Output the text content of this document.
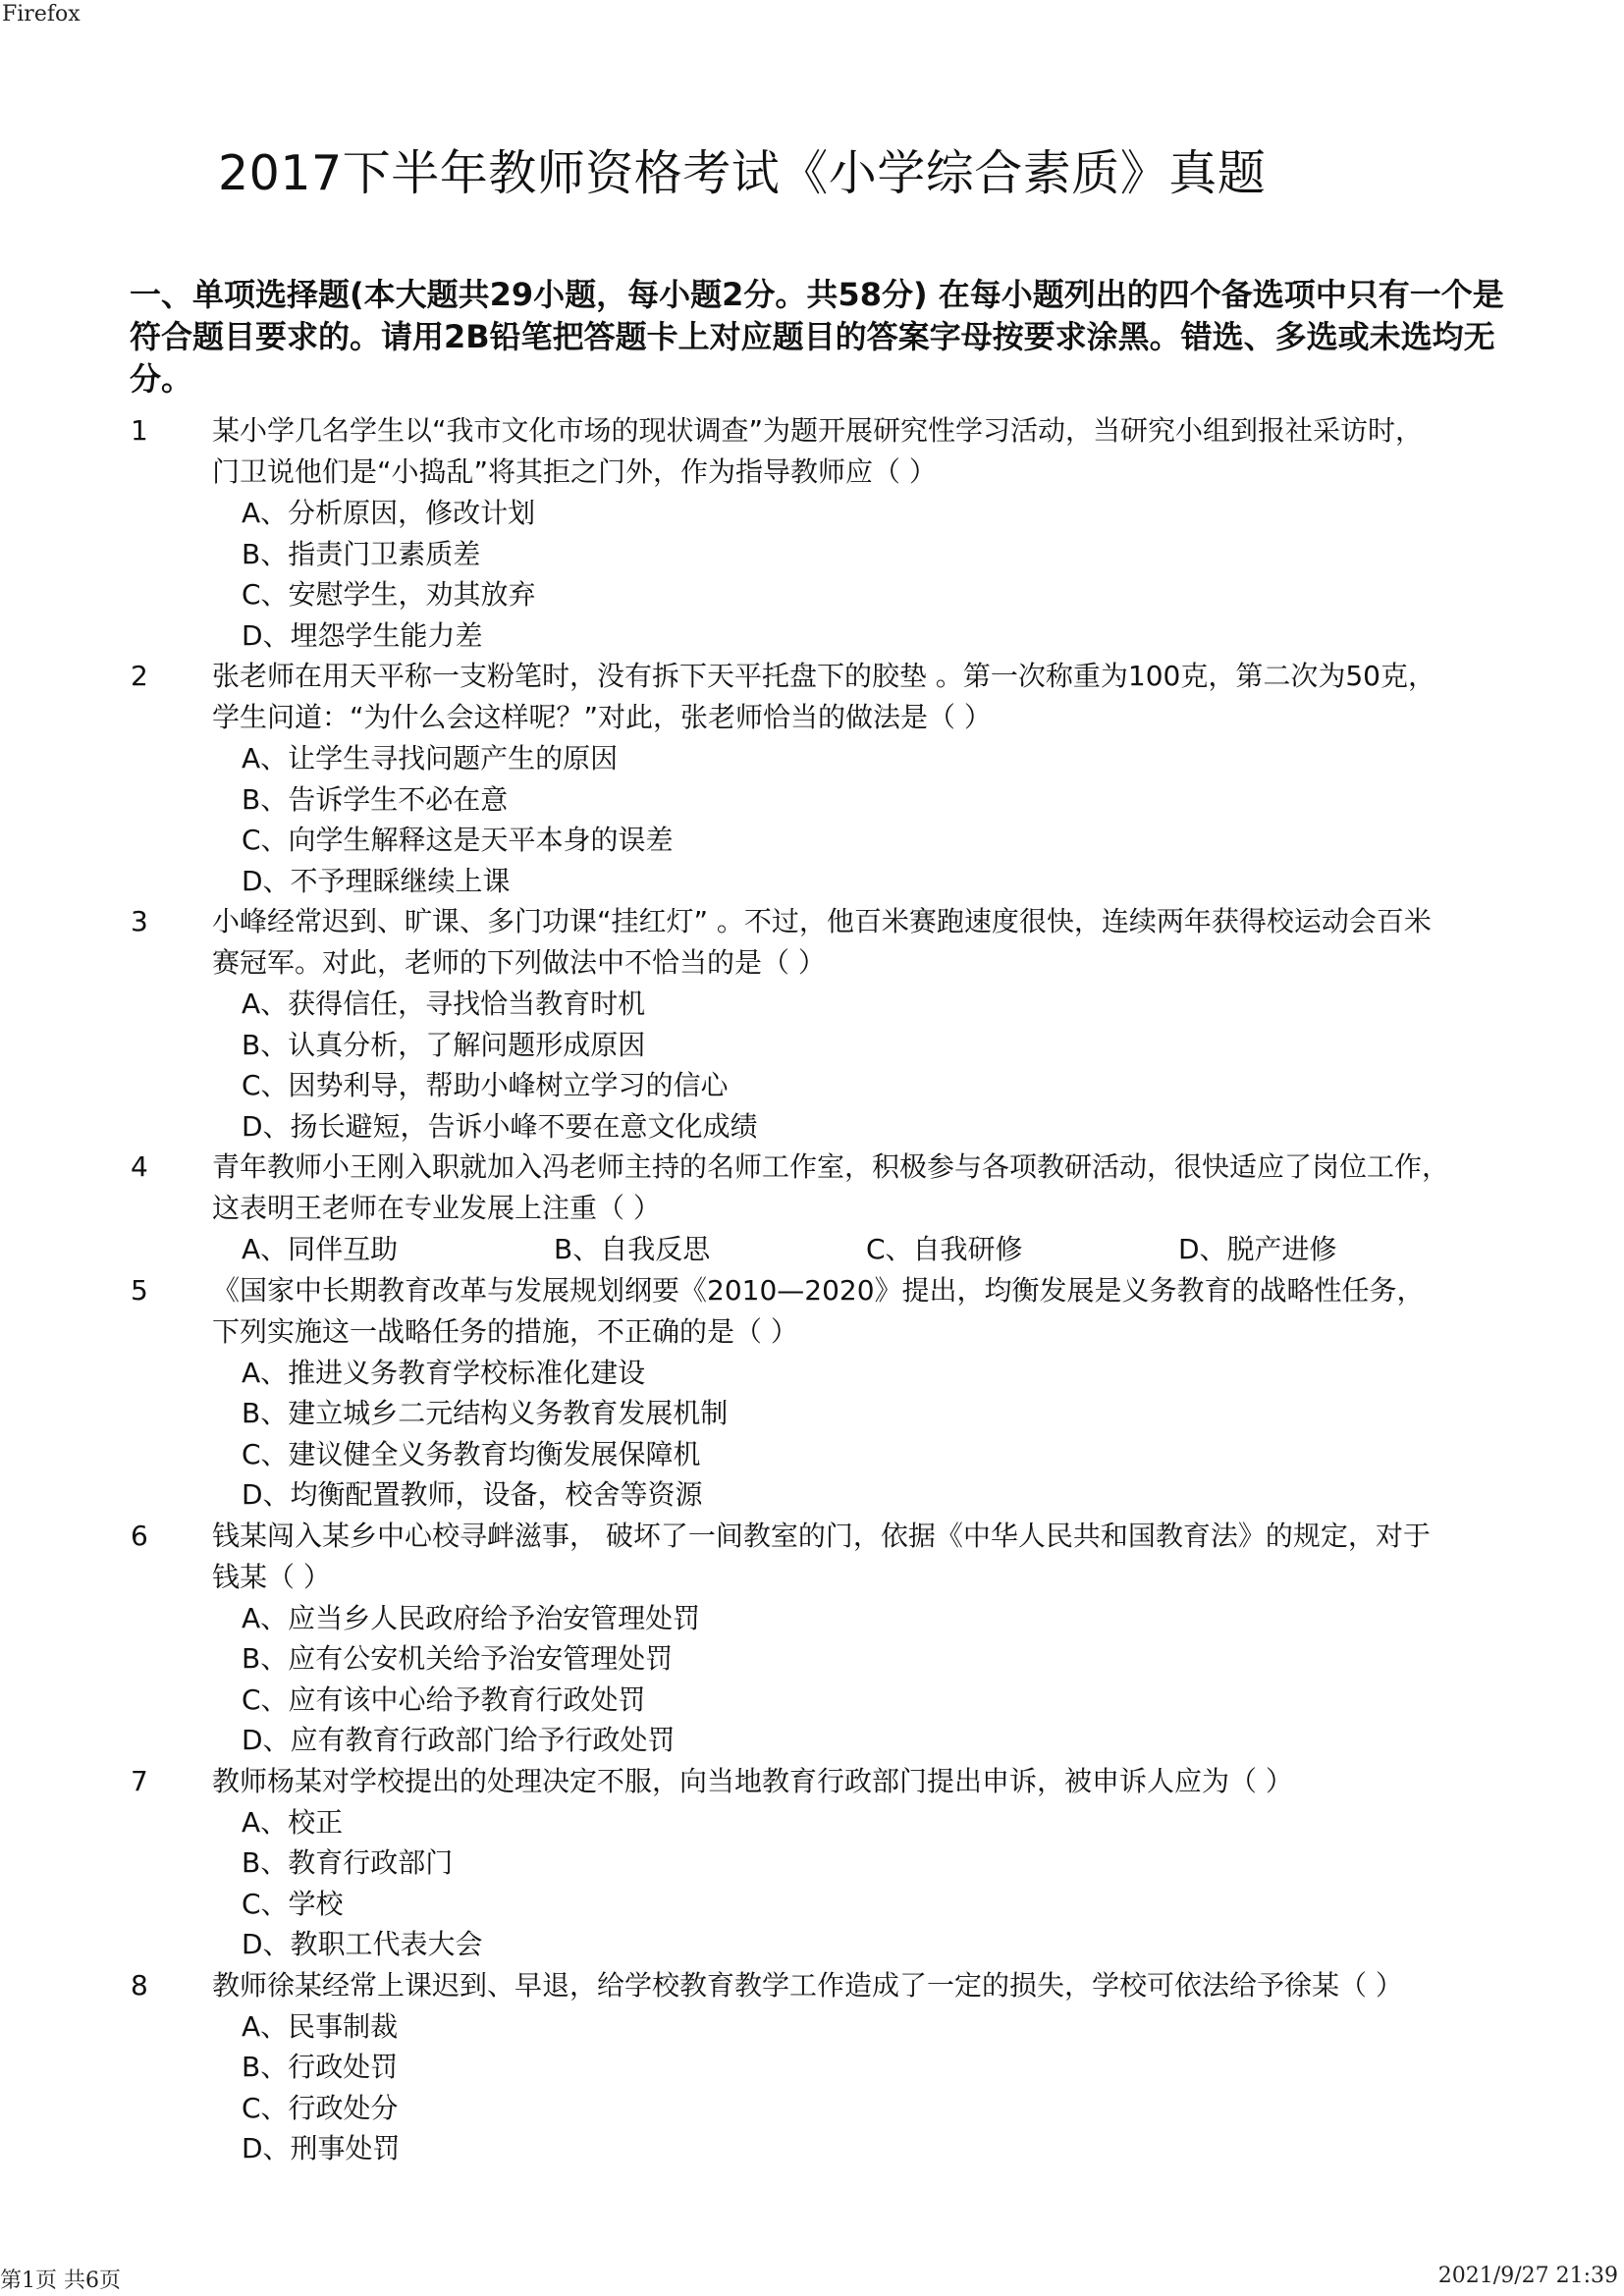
Firefox
2017下半年教师资格考试《小学综合素质》真题
一、单项选择题(本大题共29小题，每小题2分。共58分) 在每小题列出的四个备选项中只有一个是符合题目要求的。请用2B铅笔把答题卡上对应题目的答案字母按要求涂黑。错选、多选或未选均无分。
1 某小学几名学生以“我市文化市场的现状调查”为题开展研究性学习活动，当研究小组到报社采访时，门卫说他们是“小捣乱”将其拒之门外，作为指导教师应（ ）
A、分析原因，修改计划
B、指责门卫素质差
C、安慰学生，劝其放弃
D、埋怨学生能力差
2 张老师在用天平称一支粉笔时，没有拆下天平托盘下的胶垫 。第一次称重为100克，第二次为50克，学生问道：“为什么会这样呢？”对此，张老师恰当的做法是（ ）
A、让学生寻找问题产生的原因
B、告诉学生不必在意
C、向学生解释这是天平本身的误差
D、不予理睬继续上课
3 小峰经常迟到、旷课、多门功课“挂红灯” 。不过，他百米赛跑速度很快，连续两年获得校运动会百米赛冠军。对此，老师的下列做法中不恰当的是（ ）
A、获得信任，寻找恰当教育时机
B、认真分析，了解问题形成原因
C、因势利导，帮助小峰树立学习的信心
D、扬长避短，告诉小峰不要在意文化成绩
4 青年教师小王刚入职就加入冯老师主持的名师工作室，积极参与各项教研活动，很快适应了岗位工作，这表明王老师在专业发展上注重（ ）
A、同伴互助	B、自我反思	C、自我研修	D、脱产进修
5 《国家中长期教育改革与发展规划纲要《2010—2020》提出，均衡发展是义务教育的战略性任务，下列实施这一战略任务的措施，不正确的是（ ）
A、推进义务教育学校标准化建设
B、建立城乡二元结构义务教育发展机制
C、建议健全义务教育均衡发展保障机
D、均衡配置教师，设备，校舍等资源
6 钱某闯入某乡中心校寻衅滋事， 破坏了一间教室的门，依据《中华人民共和国教育法》的规定，对于钱某（ ）
A、应当乡人民政府给予治安管理处罚
B、应有公安机关给予治安管理处罚
C、应有该中心给予教育行政处罚
D、应有教育行政部门给予行政处罚
7 教师杨某对学校提出的处理决定不服，向当地教育行政部门提出申诉，被申诉人应为（ ）
A、校正
B、教育行政部门
C、学校
D、教职工代表大会
8 教师徐某经常上课迟到、早退，给学校教育教学工作造成了一定的损失，学校可依法给予徐某（ ）
A、民事制裁
B、行政处罚
C、行政处分
D、刑事处罚
第1页 共6页	2021/9/27 21:39
